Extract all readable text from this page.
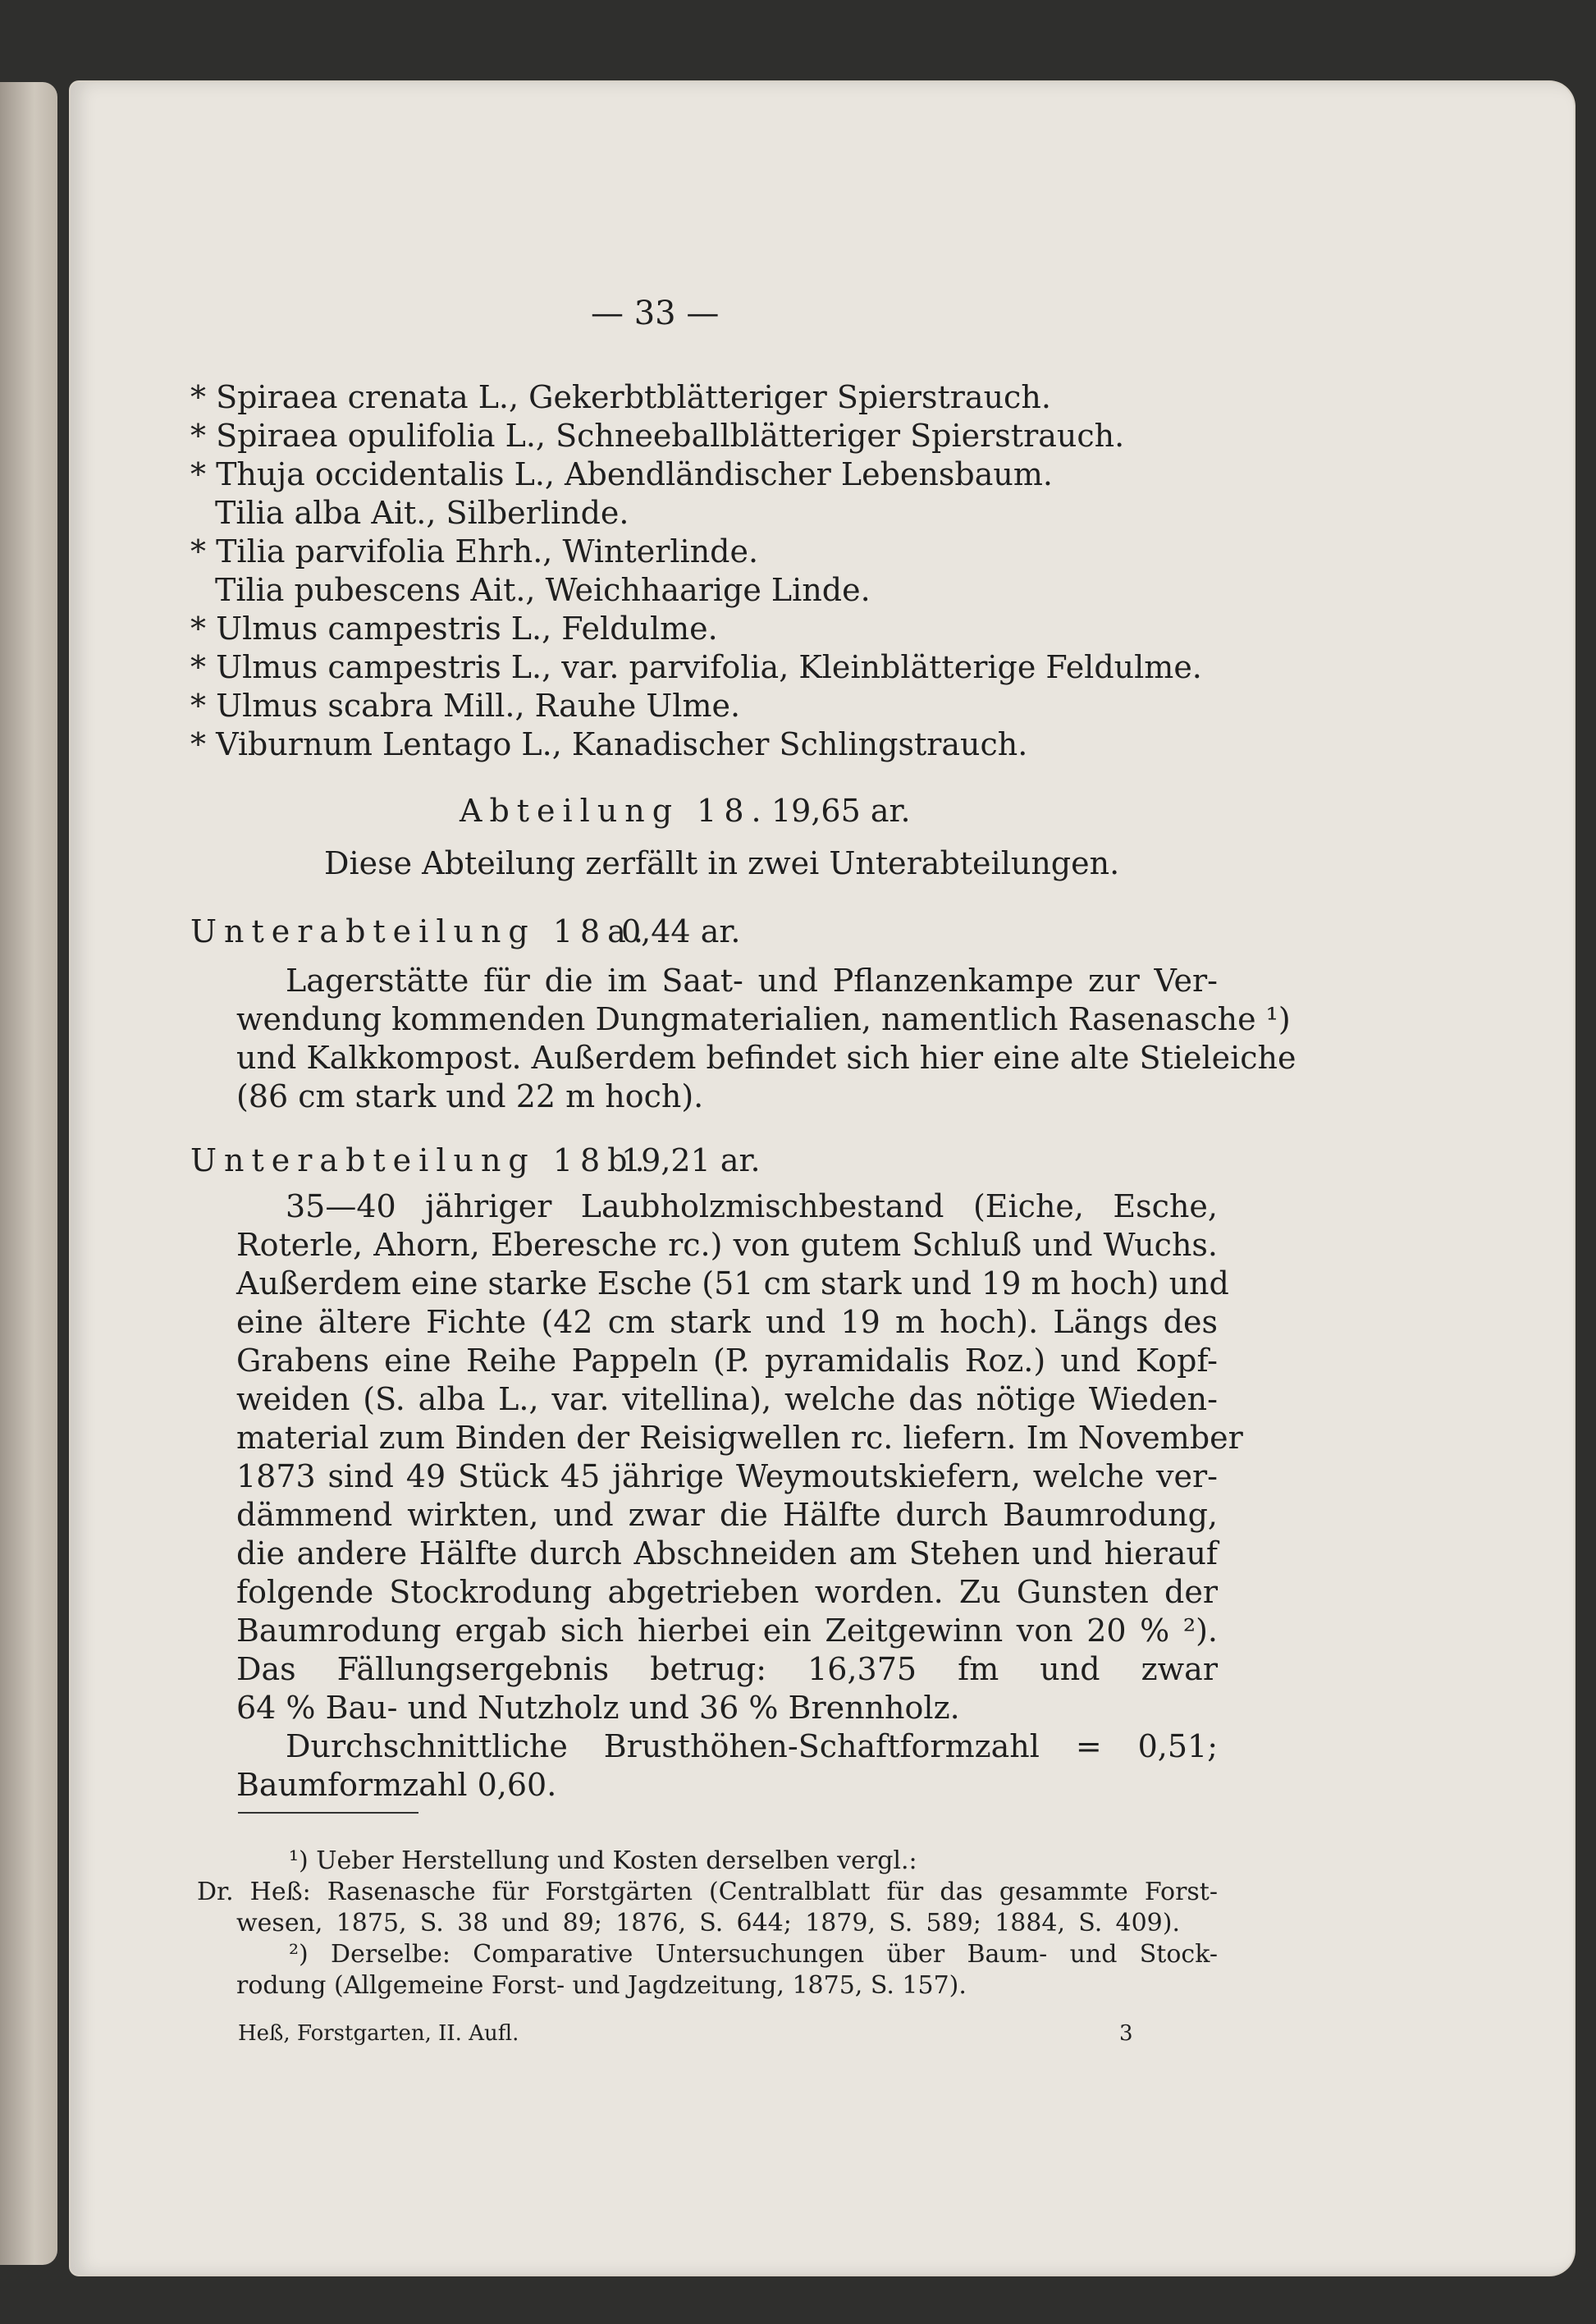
— 33 —
* Spiraea crenata L., Gekerbtblätteriger Spierstrauch.
* Spiraea opulifolia L., Schneeballblätteriger Spierstrauch.
* Thuja occidentalis L., Abendländischer Lebensbaum.
Tilia alba Ait., Silberlinde.
* Tilia parvifolia Ehrh., Winterlinde.
Tilia pubescens Ait., Weichhaarige Linde.
* Ulmus campestris L., Feldulme.
* Ulmus campestris L., var. parvifolia, Kleinblätterige Feldulme.
* Ulmus scabra Mill., Rauhe Ulme.
* Viburnum Lentago L., Kanadischer Schlingstrauch.
Abteilung 18. 19,65 ar.
Diese Abteilung zerfällt in zwei Unterabteilungen.
Unterabteilung 18a.
0,44 ar.
Lagerstätte für die im Saat- und Pflanzenkampe zur Ver-
wendung kommenden Dungmaterialien, namentlich Rasenasche ¹)
und Kalkkompost. Außerdem befindet sich hier eine alte Stieleiche
(86 cm stark und 22 m hoch).
Unterabteilung 18b.
19,21 ar.
35—40 jähriger Laubholzmischbestand (Eiche, Esche,
Roterle, Ahorn, Eberesche rc.) von gutem Schluß und Wuchs.
Außerdem eine starke Esche (51 cm stark und 19 m hoch) und
eine ältere Fichte (42 cm stark und 19 m hoch). Längs des
Grabens eine Reihe Pappeln (P. pyramidalis Roz.) und Kopf-
weiden (S. alba L., var. vitellina), welche das nötige Wieden-
material zum Binden der Reisigwellen rc. liefern. Im November
1873 sind 49 Stück 45 jährige Weymoutskiefern, welche ver-
dämmend wirkten, und zwar die Hälfte durch Baumrodung,
die andere Hälfte durch Abschneiden am Stehen und hierauf
folgende Stockrodung abgetrieben worden. Zu Gunsten der
Baumrodung ergab sich hierbei ein Zeitgewinn von 20 % ²).
Das Fällungsergebnis betrug: 16,375 fm und zwar
64 % Bau- und Nutzholz und 36 % Brennholz.
Durchschnittliche Brusthöhen-Schaftformzahl = 0,51;
Baumformzahl 0,60.
¹) Ueber Herstellung und Kosten derselben vergl.:
Dr. Heß: Rasenasche für Forstgärten (Centralblatt für das gesammte Forst-
wesen, 1875, S. 38 und 89; 1876, S. 644; 1879, S. 589; 1884, S. 409).
²) Derselbe: Comparative Untersuchungen über Baum- und Stock-
rodung (Allgemeine Forst- und Jagdzeitung, 1875, S. 157).
Heß, Forstgarten, II. Aufl.	3
